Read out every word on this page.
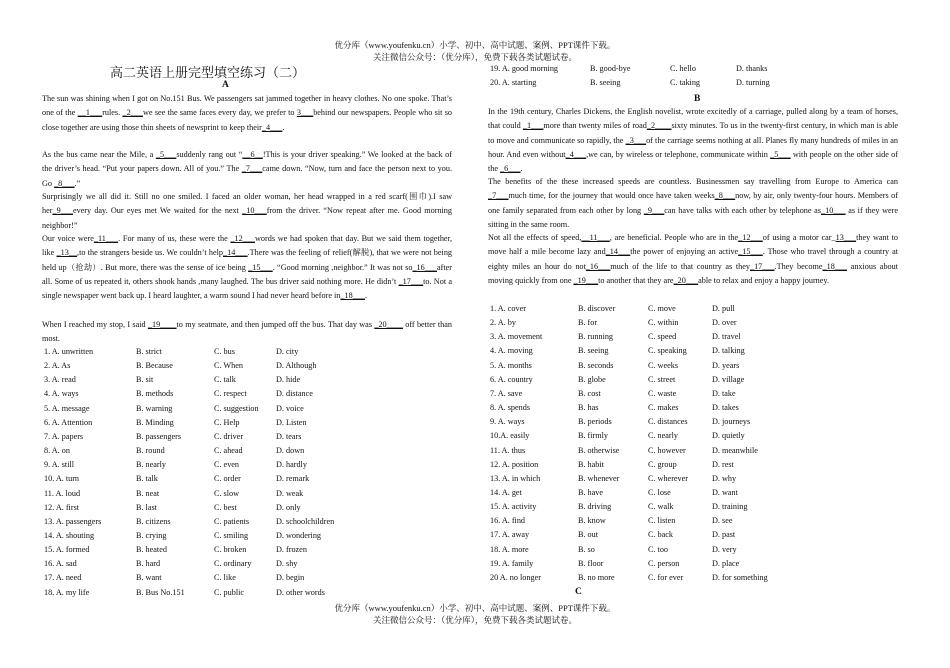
优分库（www.youfenku.cn）小学、初中、高中试题、案例、PPT课件下载。
关注微信公众号：（优分库），免费下载各类试题试卷。
高二英语上册完型填空练习（二）
A
The sun was shining when I got on No.151 Bus. We passengers sat jammed together in heavy clothes. No one spoke. That’s one of the __1___rules. _2___we see the same faces every day, we prefer to 3___behind our newspapers. People who sit so close together are using those thin sheets of newsprint to keep their_4___.
As the bus came near the Mile, a _5___suddenly rang out “__6__!This is your driver speaking.” We looked at the back of the driver’s head. “Put your papers down. All of you.” The _7___came down. “Now, turn and face the person next to you. Go _8___.”
Surprisingly we all did it. Still no one smiled. I faced an older woman, her head wrapped in a red scarf(围巾).I saw her_9___every day. Our eyes met We waited for the next _10___from the driver. “Now repeat after me. Good morning neighbor!”
Our voice were_11___. For many of us, these were the _12___words we had spoken that day. But we said them together, like _13__,to the strangers beside us. We couldn’t help_14___.There was the feeling of relief(解脱), that we were not being held up（抢劫）. But more, there was the sense of ice being _15___. “Good morning ,neighbor.” It was not so_16___after all. Some of us repeated it, others shook hands ,many laughed. The bus driver said nothing more. He didn’t _17___to. Not a single newspaper went back up. I heard laughter, a warm sound I had never heard before in_18___.
When I reached my stop, I said _19____to my seatmate, and then jumped off the bus. That day was _20____ off better than most.
1. A. unwritten	B. strict	C. bus	D. city
2. A. As	B. Because	C. When	D. Although
3. A. read	B. sit	C. talk	D. hide
4. A. ways	B. methods	C. respect	D. distance
5. A. message	B. warning	C. suggestion D. voice
6. A. Attention	B. Minding	C. Help	D. Listen
7. A. papers	B. passengers	C. driver	D. tears
8. A. on	B. round	C. ahead	D. down
9. A. still	B. nearly	C. even	D. hardly
10. A. turn	B. talk	C. order	D. remark
11. A. loud	B. neat	C. slow	D. weak
12. A. first	B. last	C. best	D. only
13. A. passengers	B. citizens	C. patients	D. schoolchildren
14. A. shouting	B. crying	C. smiling	D. wondering
15. A. formed	B. heated	C. broken	D. frozen
16. A. sad	B. hard	C. ordinary	D. shy
17. A. need	B. want	C. like	D. begin
18. A. my life	B. Bus No.151	C. public	D. other words
19. A. good morning	B. good-bye	C. hello	D. thanks
20. A. starting	B. seeing	C. taking	D. turning
B
In the 19th century, Charles Dickens, the English novelist, wrote excitedly of a carriage, pulled along by a team of horses, that could _1___more than twenty miles of road_2____sixty minutes. To us in the twenty-first century, in which man is able to move and communicate so rapidly, the _3___of the carriage seems nothing at all. Planes fly many hundreds of miles in an hour. And even without_4___,we can, by wireless or telephone, communicate within _5___ with people on the other side of the _6___.
The benefits of the these increased speeds are countless. Businessmen say travelling from Europe to America can _7___much time, for the journey that would once have taken weeks_8___now, by air, only twenty-four hours. Members of one family separated from each other by long _9___can have talks with each other by telephone as_10___ as if they were sitting in the same room.
Not all the effects of speed,__11___, are beneficial. People who are in the_12___of using a motor car_13___they want to move half a mile become lazy and_14___the power of enjoying an active_15___. Those who travel through a country at eighty miles an hour do not_16___much of the life to that country as they_17___.They become_18___ anxious about moving quickly from one _19___to another that they are_20___able to relax and enjoy a happy journey.
1. A. cover	B. discover	C. move	D. pull
2. A. by	B. for	C. within	D. over
3. A. movement	B. running	C. speed	D. travel
4. A. moving	B. seeing	C. speaking	D. talking
5. A. months	B. seconds	C. weeks	D. years
6. A. country	B. globe	C. street	D. village
7. A. save	B. cost	C. waste	D. take
8. A. spends	B. has	C. makes	D. takes
9. A. ways	B. periods	C. distances	D. journeys
10.A. easily	B. firmly	C. nearly	D. quietly
11. A. thus	B. otherwise	C. however	D. meanwhile
12. A. position	B. habit	C. group	D. rest
13. A. in which	B. whenever	C. wherever	D. why
14. A. get	B. have	C. lose	D. want
15. A. activity	B. driving	C. walk	D. training
16. A. find	B. know	C. listen	D. see
17. A. away	B. out	C. back	D. past
18. A. more	B. so	C. too	D. very
19. A. family	B. floor	C. person	D. place
20 A. no longer	B. no more	C. for ever	D. for something
C
优分库（www.youfenku.cn）小学、初中、高中试题、案例、PPT课件下载。
关注微信公众号：（优分库），免费下载各类试题试卷。
